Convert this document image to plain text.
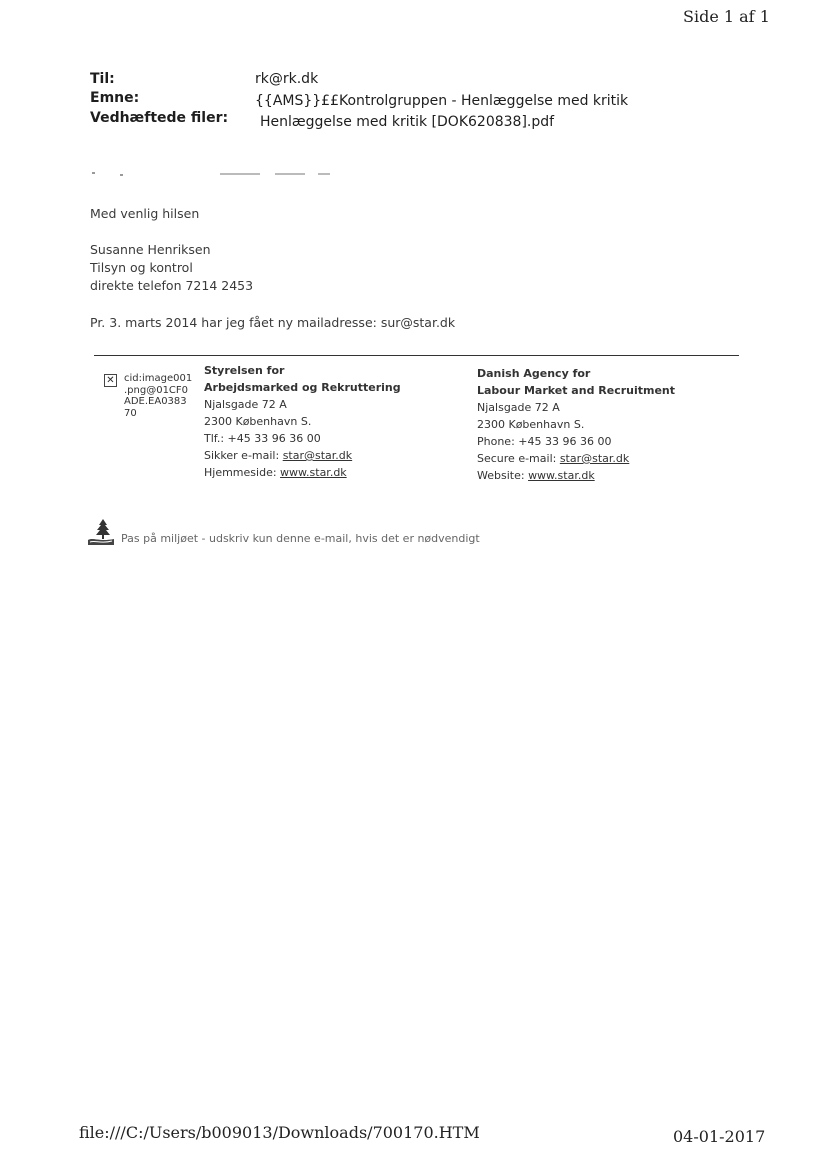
Side 1 af 1
Til:	rk@rk.dk
Emne:	{{AMS}}££Kontrolgruppen - Henlæggelse med kritik
Vedhæftede filer: Henlæggelse med kritik [DOK620838].pdf
Med venlig hilsen
Susanne Henriksen
Tilsyn og kontrol
direkte telefon 7214 2453
Pr. 3. marts 2014 har jeg fået ny mailadresse: sur@star.dk
✕ cid:image001
.png@01CF0
ADE.EA0383
70
Styrelsen for
Arbejdsmarked og Rekruttering
Njalsgade 72 A
2300 København S.
Tlf.: +45 33 96 36 00
Sikker e-mail: star@star.dk
Hjemmeside: www.star.dk
Danish Agency for
Labour Market and Recruitment
Njalsgade 72 A
2300 København S.
Phone: +45 33 96 36 00
Secure e-mail: star@star.dk
Website: www.star.dk
Pas på miljøet - udskriv kun denne e-mail, hvis det er nødvendigt
file:///C:/Users/b009013/Downloads/700170.HTM	04-01-2017
